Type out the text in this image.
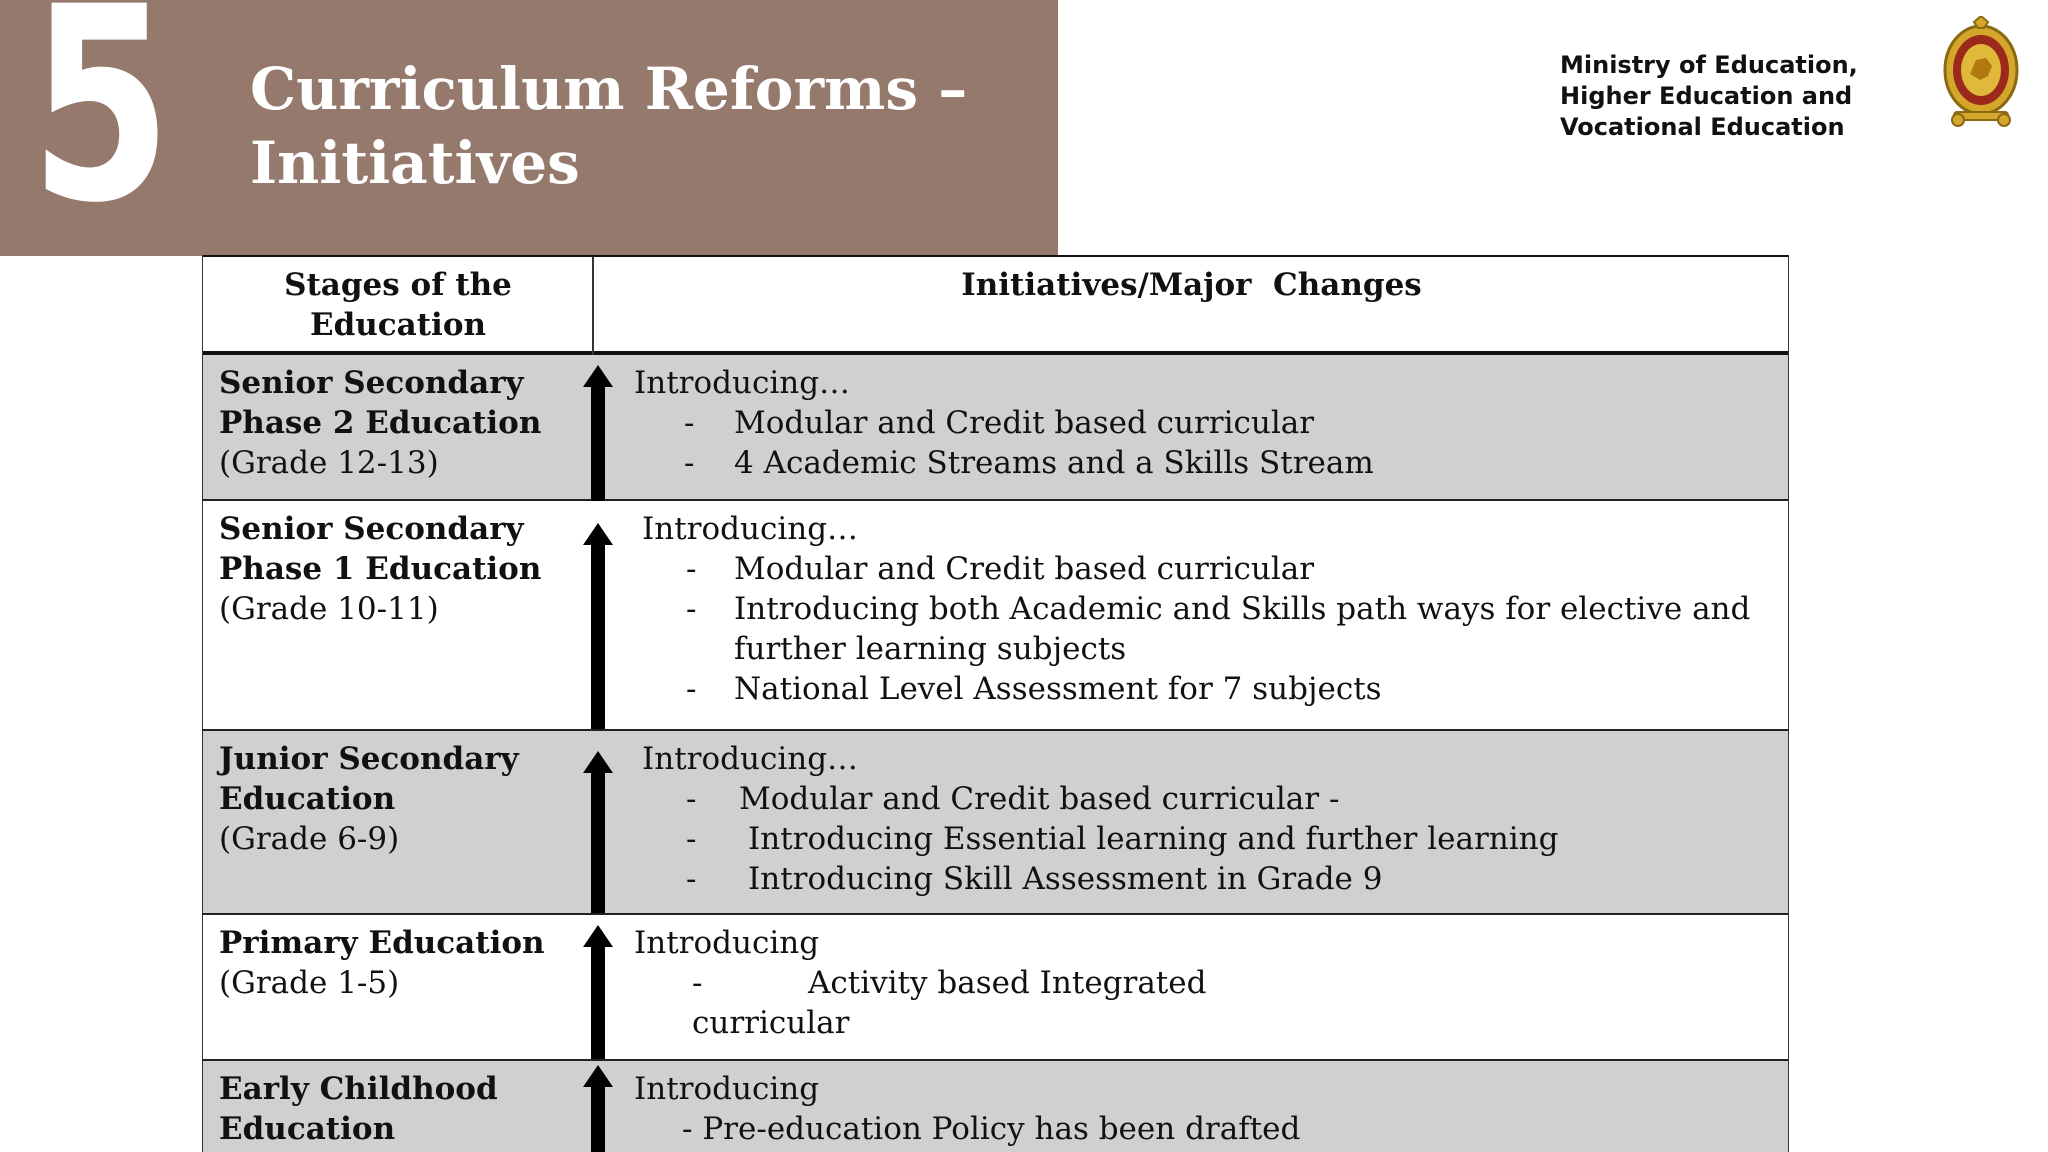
5 Curriculum Reforms –
Initiatives
Ministry of Education,
Higher Education and
Vocational Education
Stages of the
Education
Initiatives/Major  Changes
Senior Secondary
Phase 2 Education
(Grade 12-13)
Introducing…
- Modular and Credit based curricular
- 4 Academic Streams and a Skills Stream
Senior Secondary
Phase 1 Education
(Grade 10-11)
Introducing…
- Modular and Credit based curricular
- Introducing both Academic and Skills path ways for elective and
further learning subjects
- National Level Assessment for 7 subjects
Junior Secondary
Education
(Grade 6-9)
Introducing…
- Modular and Credit based curricular -
- Introducing Essential learning and further learning
- Introducing Skill Assessment in Grade 9
Primary Education
(Grade 1-5)
Introducing
-	Activity based Integrated
curricular
Early Childhood
Education
Introducing
- Pre-education Policy has been drafted
